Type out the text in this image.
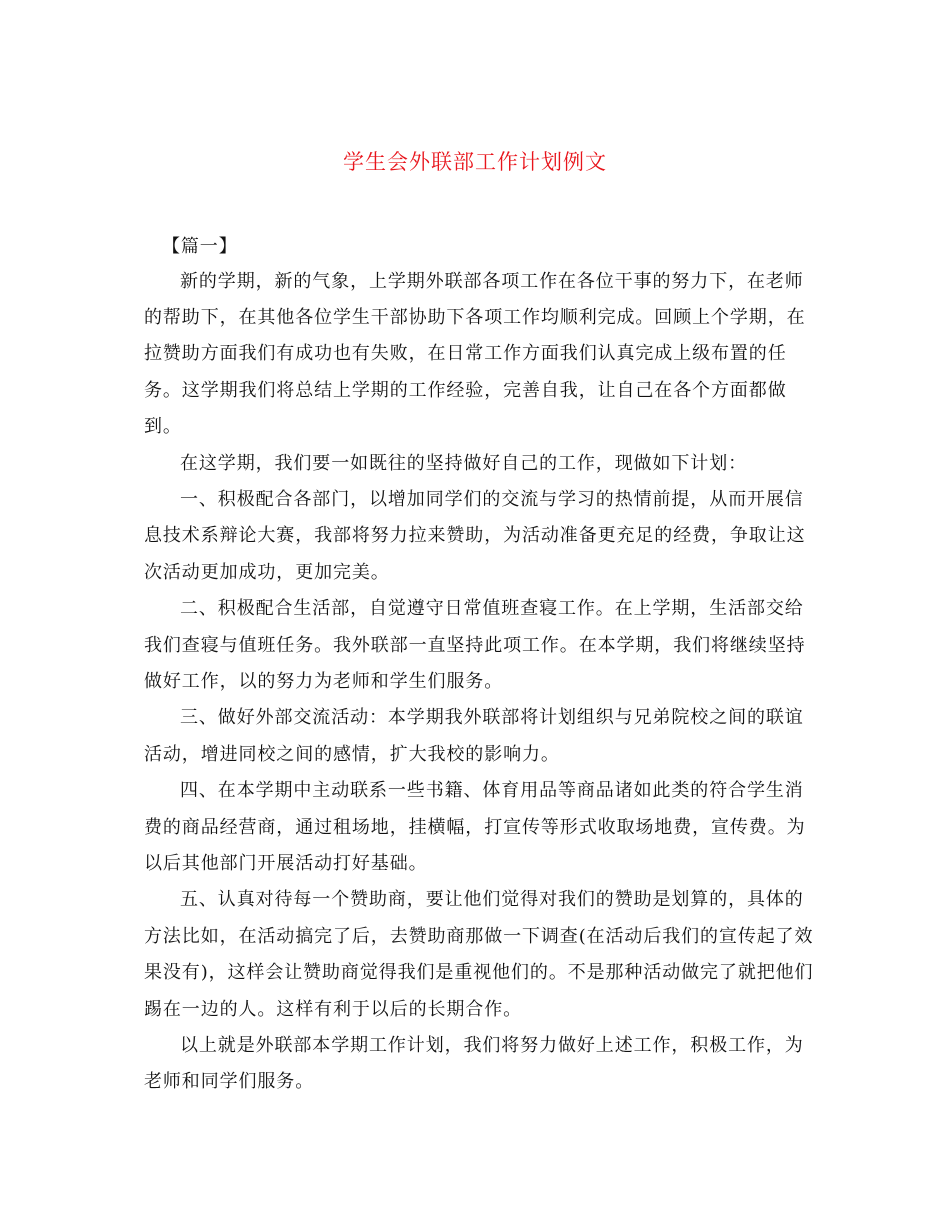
学生会外联部工作计划例文
【篇一】
新的学期，新的气象，上学期外联部各项工作在各位干事的努力下，在老师
的帮助下，在其他各位学生干部协助下各项工作均顺利完成。回顾上个学期，在
拉赞助方面我们有成功也有失败，在日常工作方面我们认真完成上级布置的任
务。这学期我们将总结上学期的工作经验，完善自我，让自己在各个方面都做
到。
在这学期，我们要一如既往的坚持做好自己的工作，现做如下计划：
一、积极配合各部门，以增加同学们的交流与学习的热情前提，从而开展信
息技术系辩论大赛，我部将努力拉来赞助，为活动准备更充足的经费，争取让这
次活动更加成功，更加完美。
二、积极配合生活部，自觉遵守日常值班查寝工作。在上学期，生活部交给
我们查寝与值班任务。我外联部一直坚持此项工作。在本学期，我们将继续坚持
做好工作，以的努力为老师和学生们服务。
三、做好外部交流活动：本学期我外联部将计划组织与兄弟院校之间的联谊
活动，增进同校之间的感情，扩大我校的影响力。
四、在本学期中主动联系一些书籍、体育用品等商品诸如此类的符合学生消
费的商品经营商，通过租场地，挂横幅，打宣传等形式收取场地费，宣传费。为
以后其他部门开展活动打好基础。
五、认真对待每一个赞助商，要让他们觉得对我们的赞助是划算的，具体的
方法比如，在活动搞完了后，去赞助商那做一下调查(在活动后我们的宣传起了效
果没有)，这样会让赞助商觉得我们是重视他们的。不是那种活动做完了就把他们
踢在一边的人。这样有利于以后的长期合作。
以上就是外联部本学期工作计划，我们将努力做好上述工作，积极工作，为
老师和同学们服务。
